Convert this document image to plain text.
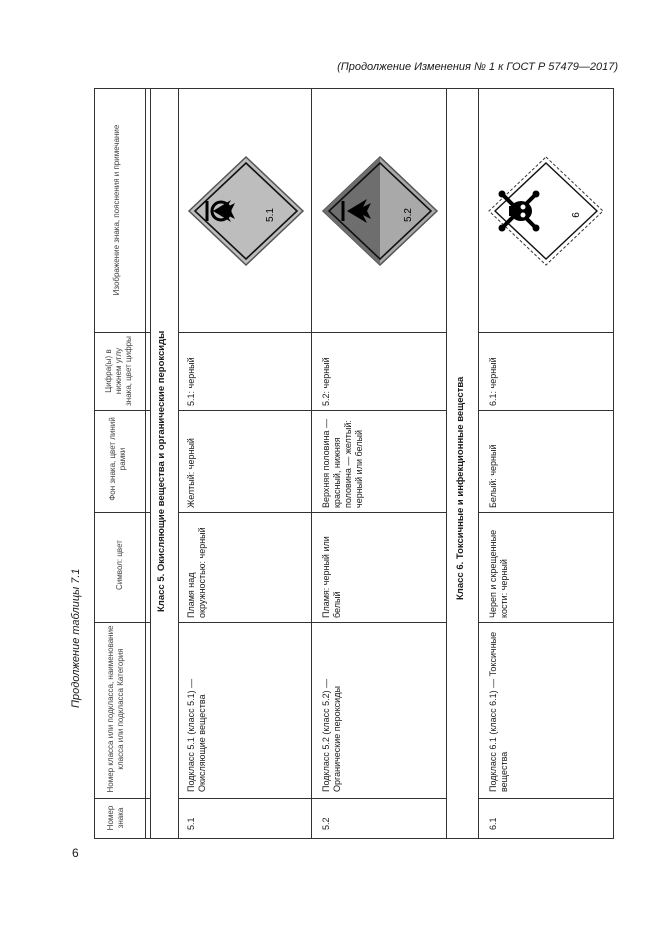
(Продолжение Изменения № 1 к ГОСТ Р 57479—2017)
6
Продолжение таблицы 7.1
Номер знака
Номер класса или подкласса, наименование класса или подкласса Категория
Символ: цвет
Фон знака, цвет линий рамки
Цифра(ы) в нижнем углу знака, цвет цифры
Изображение знака, пояснения и примечание
Класс 5. Окисляющие вещества и органические пероксиды	Класс 6. Токсичные и инфекционные вещества
5.1
Подкласс 5.1 (класс 5.1) — Окисляющие вещества
Пламя над окружностью: черный
Желтый: черный
5.1: черный
5.1
5.2
Подкласс 5.2 (класс 5.2) — Органические пероксиды
Пламя: черный или белый
Верхняя половина — красный, нижняя половина — желтый: черный или белый
5.2: черный
5.2
6.1
Подкласс 6.1 (класс 6.1) — Токсичные вещества
Череп и скрещенные кости: черный
Белый: черный
6.1: черный
6
